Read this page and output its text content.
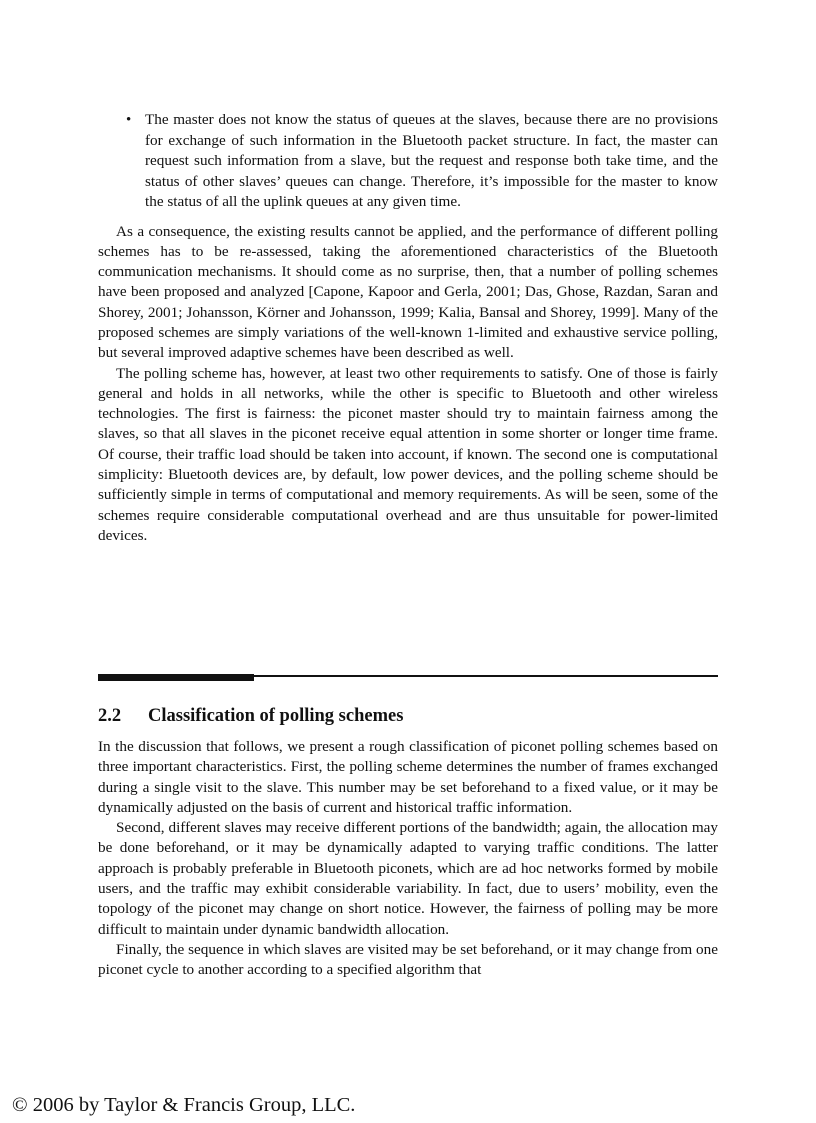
• The master does not know the status of queues at the slaves, because there are no provisions for exchange of such information in the Bluetooth packet structure. In fact, the master can request such information from a slave, but the request and response both take time, and the status of other slaves’ queues can change. Therefore, it’s impossible for the master to know the status of all the uplink queues at any given time.

As a consequence, the existing results cannot be applied, and the performance of different polling schemes has to be re-assessed, taking the aforementioned characteristics of the Bluetooth communication mechanisms. It should come as no surprise, then, that a number of polling schemes have been proposed and analyzed [Capone, Kapoor and Gerla, 2001; Das, Ghose, Razdan, Saran and Shorey, 2001; Johansson, Körner and Johansson, 1999; Kalia, Bansal and Shorey, 1999]. Many of the proposed schemes are simply variations of the well-known 1-limited and exhaustive service polling, but several improved adaptive schemes have been described as well.

The polling scheme has, however, at least two other requirements to satisfy. One of those is fairly general and holds in all networks, while the other is specific to Bluetooth and other wireless technologies. The first is fairness: the piconet master should try to maintain fairness among the slaves, so that all slaves in the piconet receive equal attention in some shorter or longer time frame. Of course, their traffic load should be taken into account, if known. The second one is computational simplicity: Bluetooth devices are, by default, low power devices, and the polling scheme should be sufficiently simple in terms of computational and memory requirements. As will be seen, some of the schemes require considerable computational overhead and are thus unsuitable for power-limited devices.

2.2 Classification of polling schemes

In the discussion that follows, we present a rough classification of piconet polling schemes based on three important characteristics. First, the polling scheme determines the number of frames exchanged during a single visit to the slave. This number may be set beforehand to a fixed value, or it may be dynamically adjusted on the basis of current and historical traffic information.

Second, different slaves may receive different portions of the bandwidth; again, the allocation may be done beforehand, or it may be dynamically adapted to varying traffic conditions. The latter approach is probably preferable in Bluetooth piconets, which are ad hoc networks formed by mobile users, and the traffic may exhibit considerable variability. In fact, due to users’ mobility, even the topology of the piconet may change on short notice. However, the fairness of polling may be more difficult to maintain under dynamic bandwidth allocation.

Finally, the sequence in which slaves are visited may be set beforehand, or it may change from one piconet cycle to another according to a specified algorithm that

© 2006 by Taylor & Francis Group, LLC.
